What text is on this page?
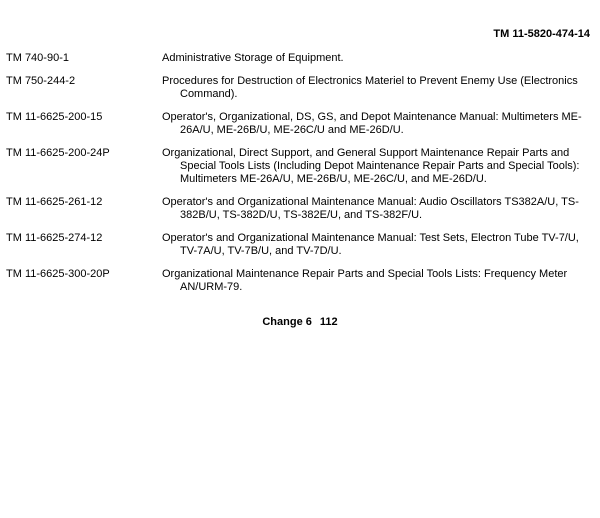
TM 11-5820-474-14
TM 740-90-1	Administrative Storage of Equipment.
TM 750-244-2	Procedures for Destruction of Electronics Materiel to Prevent Enemy Use (Electronics
Command).
TM 11-6625-200-15	Operator's, Organizational, DS, GS, and Depot Maintenance Manual: Multimeters ME-
26A/U, ME-26B/U, ME-26C/U and ME-26D/U.
TM 11-6625-200-24P	Organizational, Direct Support, and General Support Maintenance Repair Parts and
Special Tools Lists (Including Depot Maintenance Repair Parts and Special Tools):
Multimeters ME-26A/U, ME-26B/U, ME-26C/U, and ME-26D/U.
TM 11-6625-261-12	Operator's and Organizational Maintenance Manual: Audio Oscillators TS382A/U, TS-
382B/U, TS-382D/U, TS-382E/U, and TS-382F/U.
TM 11-6625-274-12	Operator's and Organizational Maintenance Manual: Test Sets, Electron Tube TV-7/U,
TV-7A/U, TV-7B/U, and TV-7D/U.
TM 11-6625-300-20P	Organizational Maintenance Repair Parts and Special Tools Lists: Frequency Meter
AN/URM-79.
Change 6 112
